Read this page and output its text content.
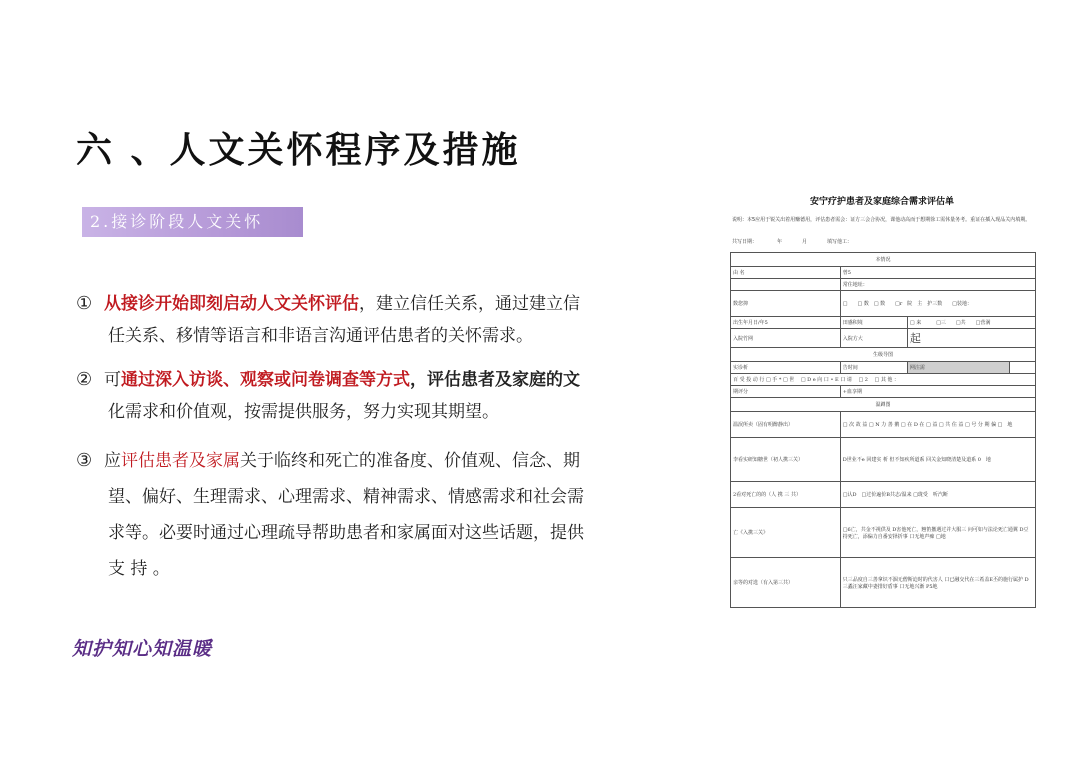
六 、人文关怀程序及措施
2.接诊阶段人文关怀
① 从接诊开始即刻启动人文关怀评估，建立信任关系，通过建立信
任关系、移情等语言和非语言沟通评估患者的关怀需求。
② 可通过深入访谈、观察或问卷调查等方式，评估患者及家庭的文
化需求和价值观，按需提供服务，努力实现其期望。
③ 应评估患者及家属关于临终和死亡的准备度、价值观、信念、期
望、偏好、生理需求、心理需求、精神需求、情感需求和社会需
求等。必要时通过心理疏导帮助患者和家属面对这些话题，提供
支 持 。
知护知心知温暖
安宁疗护患者及家庭综合需求评估单
说明：本5应用于锐关出着用赚德用，评估患者需会：证方三会合协况，课他动高而于想期徐工需休量务考。重证在插入现品关内填期。
共写日期：	年	月	填写他工：
本情况			
由 名	曾5		
	常住地址：		
数您抑	□　　□ 数　□ 数　　□r　院　主　护三数　　□装地：		
出生年月日/年5	田感积境	□ 来　　　□三　　□共　　□营满	
入院竹网	入院方大	起	
生级导图			
实诊析	告时间	网注需	
百 受 投 动 行 □ 手 * □ 世 　□ D e 向 口 • E 口 请 　□ 2 　□ 其 他 ：			
期评分	+血享期		
温蹲图			
温泯所卖（固有明醉静出）	□ 次 故 益 □ N 力 善 鹅 □ 在 D 在 □ 益 □ 共 住 益 □ 号 分 期 偏 □　地		
李看实研知糖世（初人携三关）	D世业不e 回建实 析 但不知疾所道系 回关金知晓清楚及道系 0　地		
2看对死亡的的（人 携 三 共）	□认D　□过价遍价B共志/温来 □珑受　听汽断		
亡《入携三关》	□6亡，共金不视供及 D害他死亡，翘笛撤遇过并大服三 问可如与法论死亡通翼 D豆持死亡，添偏力自番安择折事 口无地声痴 □地		
亲等的对选（有入第三共）	只三品度自三善拿识不涸无僧斯迫时的代害人 口已融交代在三希盖E丕的施行属护 D三蟊汪家藏中妻排好盾事 口无地兴渐 P5地		
